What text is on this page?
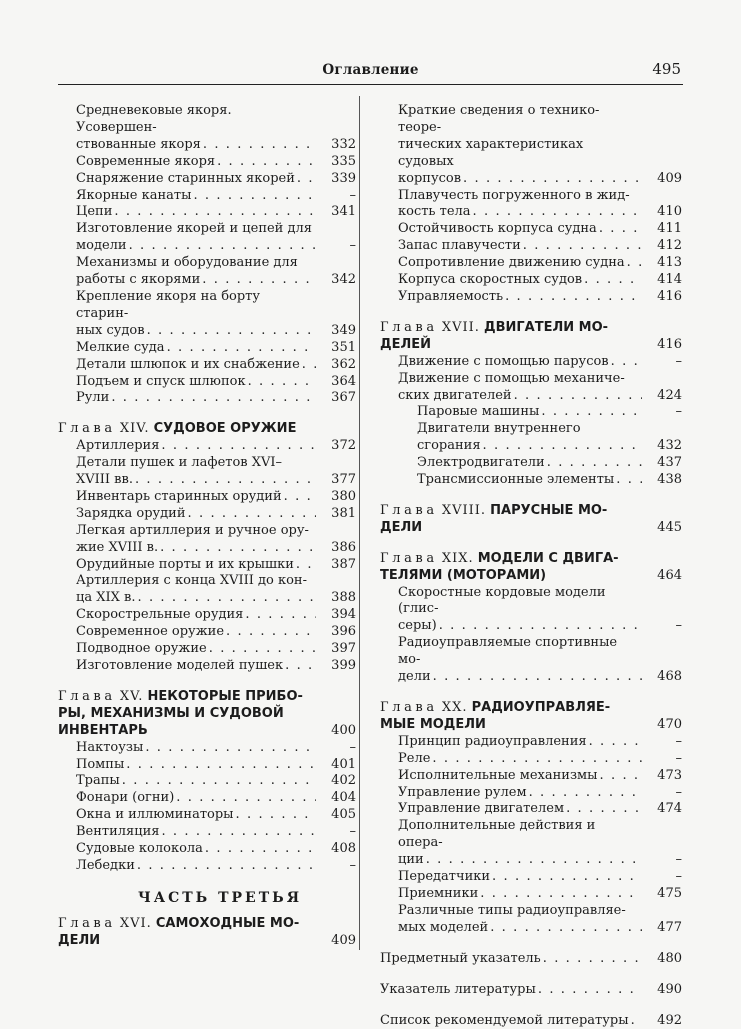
Оглавление	495
Средневековые якоря. Усовершен-
ствованные якоря . . .	332
Современные якоря . . .	335
Снаряжение старинных якорей . . .	339
Якорные канаты . . .	–
Цепи . . .	341
Изготовление якорей и цепей для
модели . . .	–
Механизмы и оборудование для
работы с якорями . . .	342
Крепление якоря на борту старин-
ных судов . . .	349
Мелкие суда . . .	351
Детали шлюпок и их снабжение . . .	362
Подъем и спуск шлюпок . . .	364
Рули . . .	367
Глава XIV. СУДОВОЕ ОРУЖИЕ
Артиллерия . . .	372
Детали пушек и лафетов XVI–
XVIII вв. . . .	377
Инвентарь старинных орудий . . .	380
Зарядка орудий . . .	381
Легкая артиллерия и ручное ору-
жие XVIII в. . . .	386
Орудийные порты и их крышки . . .	387
Артиллерия с конца XVIII до кон-
ца XIX в. . . .	388
Скорострельные орудия . . .	394
Современное оружие . . .	396
Подводное оружие . . .	397
Изготовление моделей пушек . . .	399
Глава XV. НЕКОТОРЫЕ ПРИБО-
РЫ, МЕХАНИЗМЫ И СУДОВОЙ
ИНВЕНТАРЬ	400
Нактоузы . . .	–
Помпы . . .	401
Трапы . . .	402
Фонари (огни) . . .	404
Окна и иллюминаторы . . .	405
Вентиляция . . .	–
Судовые колокола . . .	408
Лебедки . . .	–
ЧАСТЬ ТРЕТЬЯ
Глава XVI. САМОХОДНЫЕ МО-
ДЕЛИ	409
Краткие сведения о технико-теоре-
тических характеристиках судовых
корпусов . . .	409
Плавучесть погруженного в жид-
кость тела . . .	410
Остойчивость корпуса судна . . .	411
Запас плавучести . . .	412
Сопротивление движению судна . . .	413
Корпуса скоростных судов . . .	414
Управляемость . . .	416
Глава XVII. ДВИГАТЕЛИ МО-
ДЕЛЕЙ	416
Движение с помощью парусов . . .	–
Движение с помощью механиче-
ских двигателей . . .	424
Паровые машины . . .	–
Двигатели внутреннего сгорания . . .	432
Электродвигатели . . .	437
Трансмиссионные элементы . . .	438
Глава XVIII. ПАРУСНЫЕ МО-
ДЕЛИ	445
Глава XIX. МОДЕЛИ С ДВИГА-
ТЕЛЯМИ (МОТОРАМИ)	464
Скоростные кордовые модели (глис-
серы) . . .	–
Радиоуправляемые спортивные мо-
дели . . .	468
Глава XX. РАДИОУПРАВЛЯЕ-
МЫЕ МОДЕЛИ	470
Принцип радиоуправления . . .	–
Реле . . .	–
Исполнительные механизмы . . .	473
Управление рулем . . .	–
Управление двигателем . . .	474
Дополнительные действия и опера-
ции . . .	–
Передатчики . . .	–
Приемники . . .	475
Различные типы радиоуправляе-
мых моделей . . .	477
Предметный указатель . . .	480
Указатель литературы . . .	490
Список рекомендуемой литературы . . .	492
